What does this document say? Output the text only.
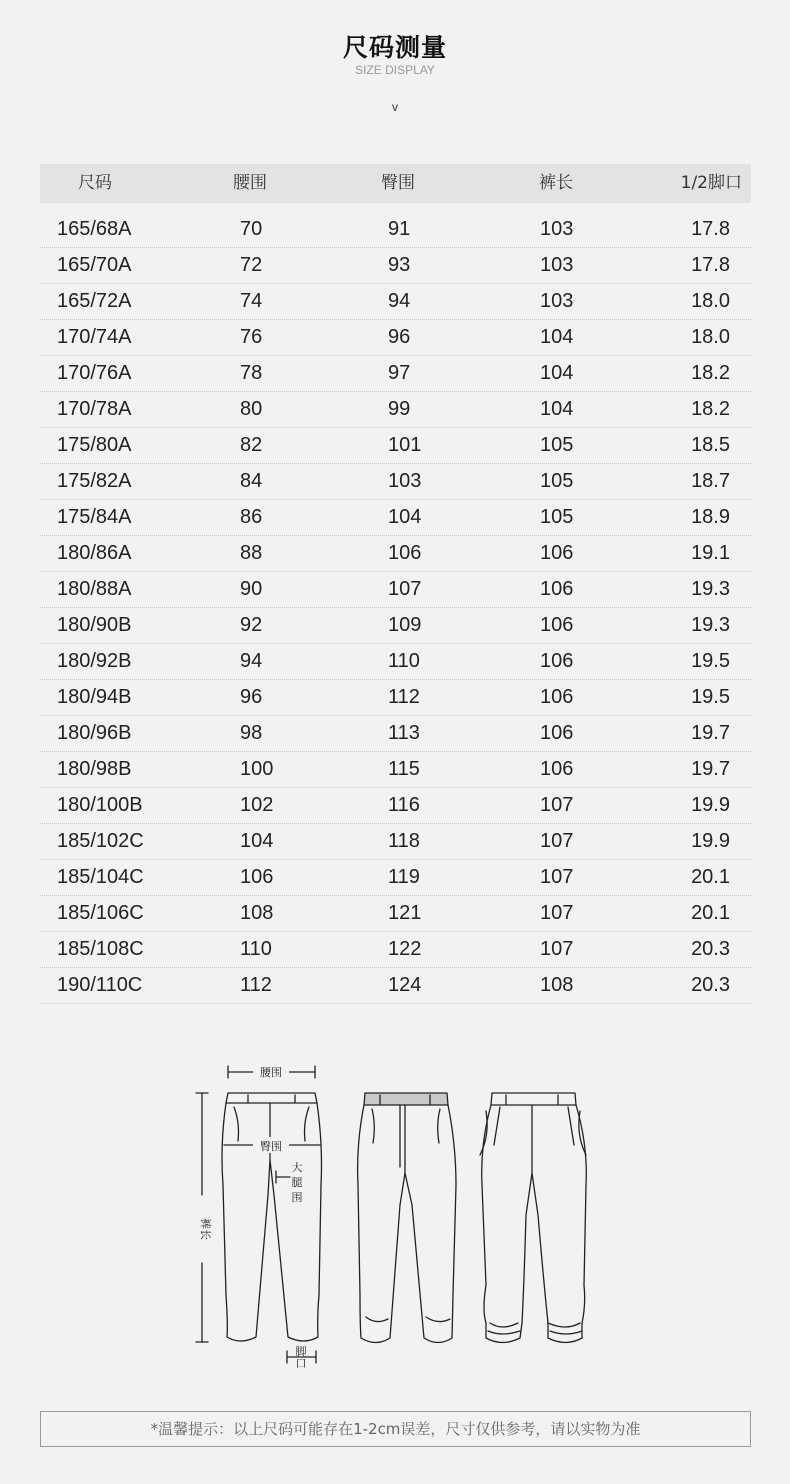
尺码测量
SIZE DISPLAY
v
尺码	腰围	臀围	裤长	1/2脚口
165/68A	70	91	103	17.8
165/70A	72	93	103	17.8
165/72A	74	94	103	18.0
170/74A	76	96	104	18.0
170/76A	78	97	104	18.2
170/78A	80	99	104	18.2
175/80A	82	101	105	18.5
175/82A	84	103	105	18.7
175/84A	86	104	105	18.9
180/86A	88	106	106	19.1
180/88A	90	107	106	19.3
180/90B	92	109	106	19.3
180/92B	94	110	106	19.5
180/94B	96	112	106	19.5
180/96B	98	113	106	19.7
180/98B	100	115	106	19.7
180/100B	102	116	107	19.9
185/102C	104	118	107	19.9
185/104C	106	119	107	20.1
185/106C	108	121	107	20.1
185/108C	110	122	107	20.3
190/110C	112	124	108	20.3
腰围
臀围
大
腿
围
裤长
脚
口
*温馨提示：以上尺码可能存在1-2cm误差，尺寸仅供参考，请以实物为准
